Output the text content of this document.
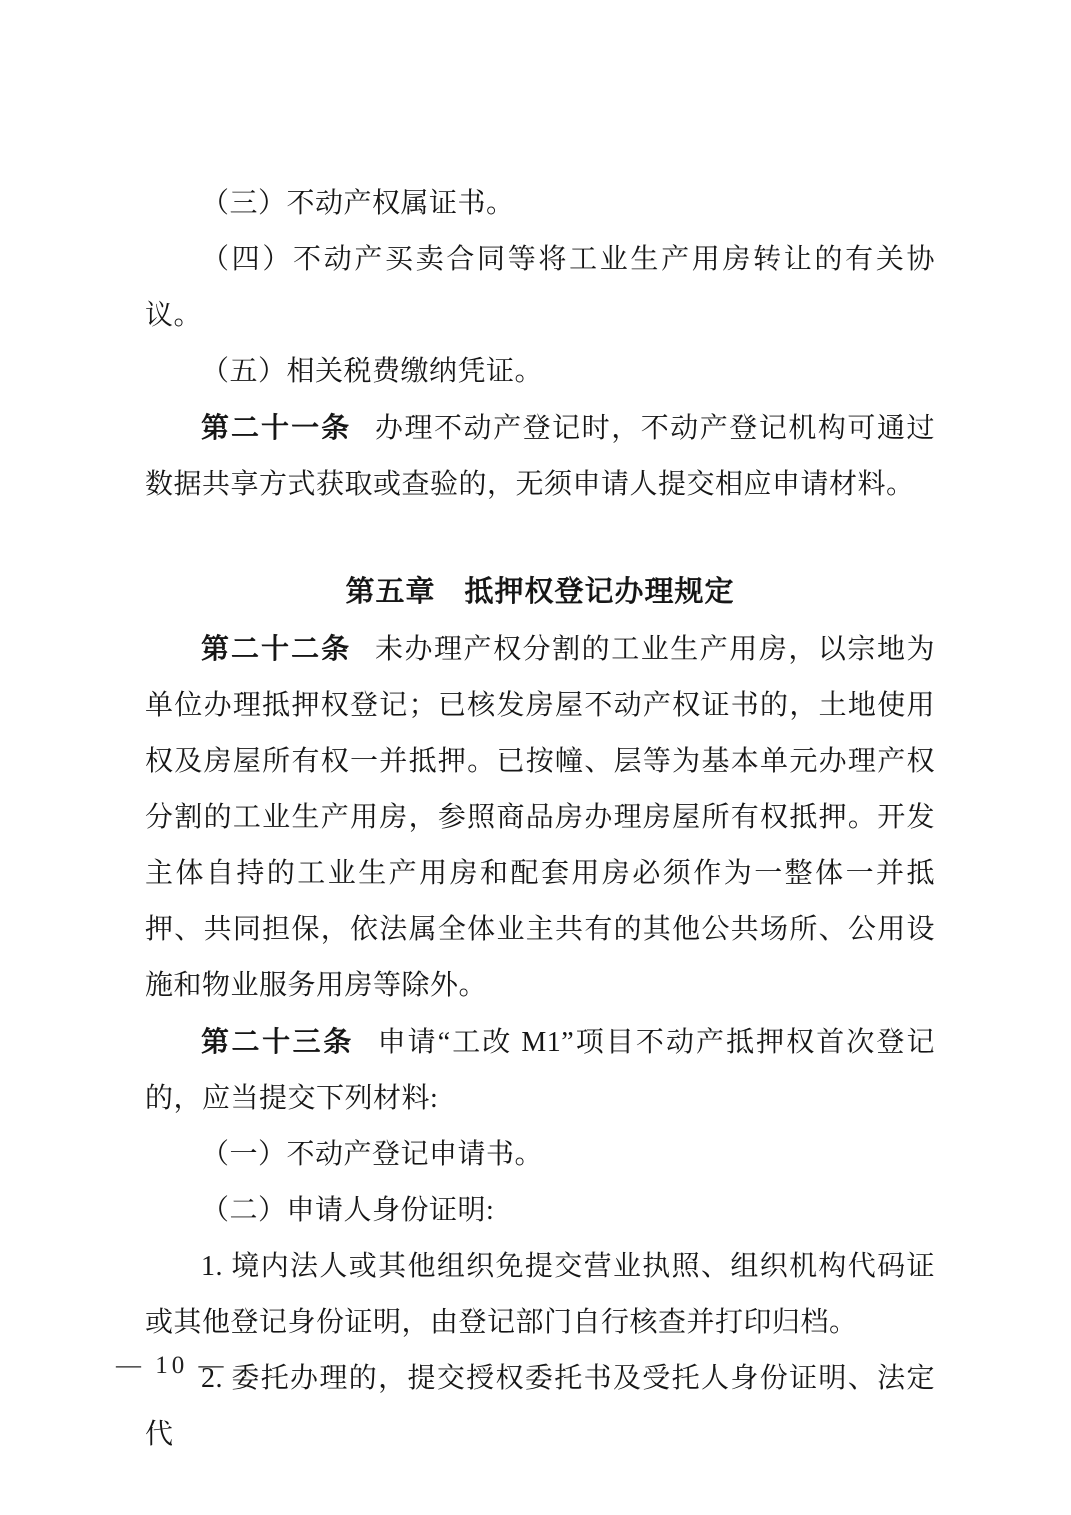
（三）不动产权属证书。

（四）不动产买卖合同等将工业生产用房转让的有关协议。

（五）相关税费缴纳凭证。

第二十一条 办理不动产登记时，不动产登记机构可通过数据共享方式获取或查验的，无须申请人提交相应申请材料。

第五章 抵押权登记办理规定

第二十二条 未办理产权分割的工业生产用房，以宗地为单位办理抵押权登记；已核发房屋不动产权证书的，土地使用权及房屋所有权一并抵押。已按幢、层等为基本单元办理产权分割的工业生产用房，参照商品房办理房屋所有权抵押。开发主体自持的工业生产用房和配套用房必须作为一整体一并抵押、共同担保，依法属全体业主共有的其他公共场所、公用设施和物业服务用房等除外。

第二十三条 申请“工改 M1”项目不动产抵押权首次登记的，应当提交下列材料:

（一）不动产登记申请书。

（二）申请人身份证明:

1. 境内法人或其他组织免提交营业执照、组织机构代码证或其他登记身份证明，由登记部门自行核查并打印归档。

2. 委托办理的，提交授权委托书及受托人身份证明、法定代

— 10 —
